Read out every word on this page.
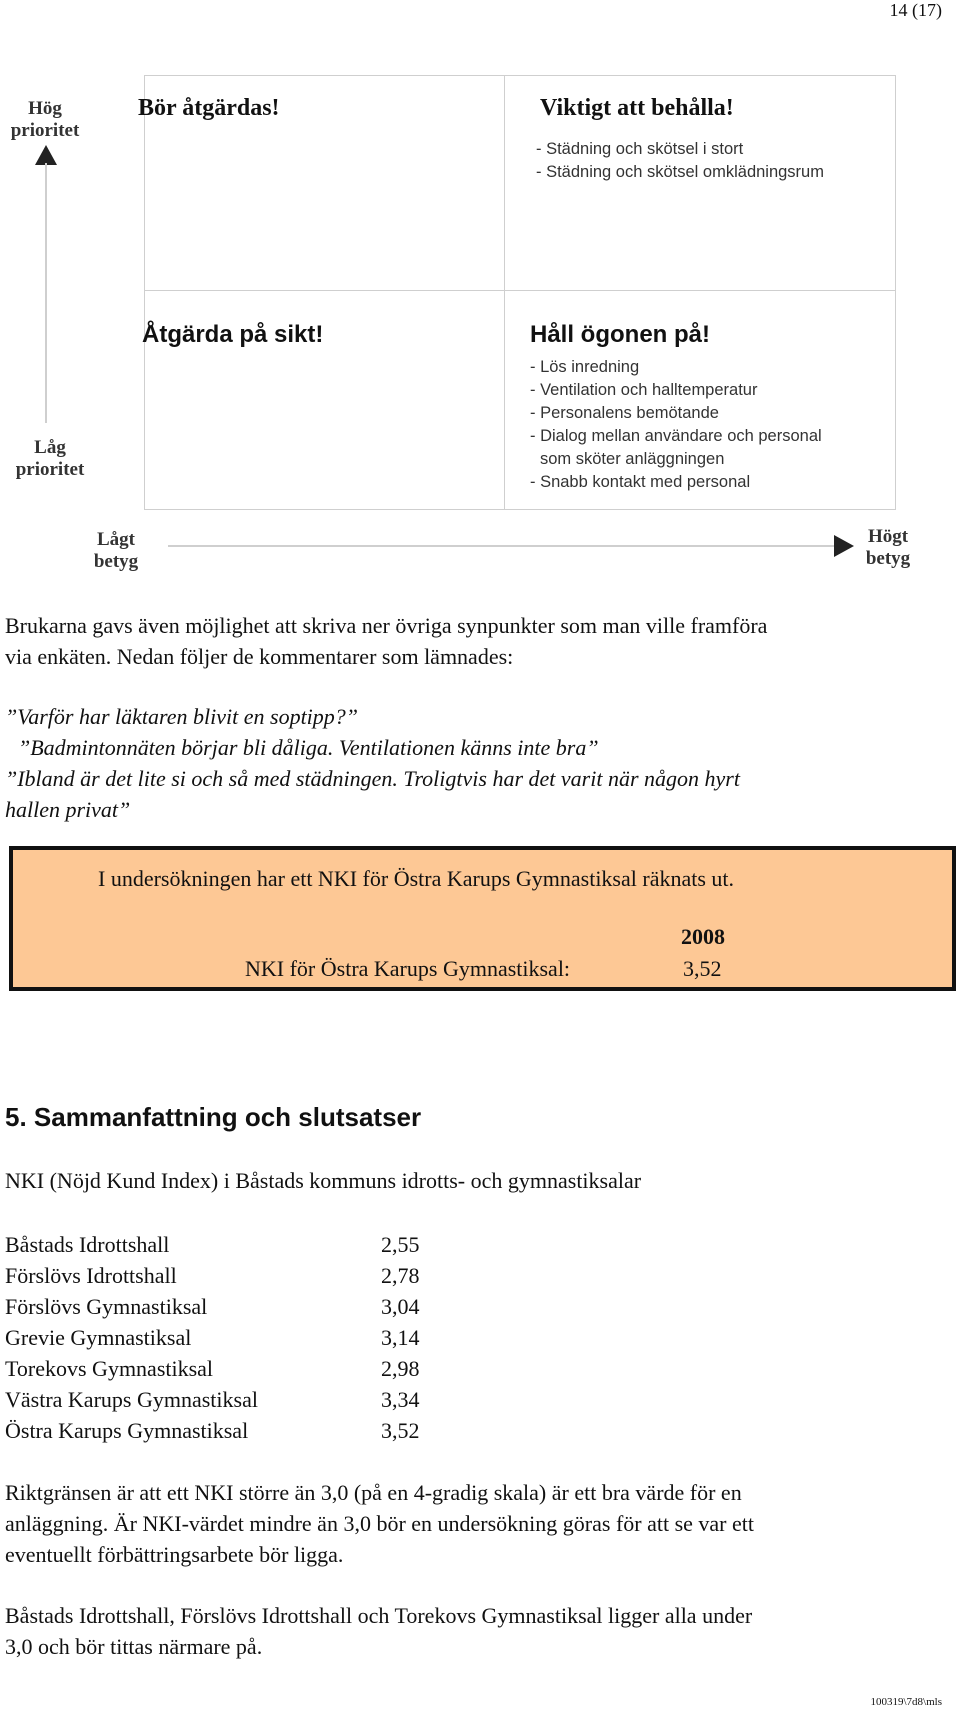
14 (17)
Hög
prioritet
Låg
prioritet
Bör åtgärdas!	Viktigt att behålla!
- Städning och skötsel i stort
- Städning och skötsel omklädningsrum
Åtgärda på sikt!	Håll ögonen på!
- Lös inredning
- Ventilation och halltemperatur
- Personalens bemötande
- Dialog mellan användare och personal
som sköter anläggningen
- Snabb kontakt med personal
Lågt
betyg
Högt
betyg
Brukarna gavs även möjlighet att skriva ner övriga synpunkter som man ville framföra
via enkäten. Nedan följer de kommentarer som lämnades:
”Varför har läktaren blivit en soptipp?”
”Badmintonnäten börjar bli dåliga. Ventilationen känns inte bra”
”Ibland är det lite si och så med städningen. Troligtvis har det varit när någon hyrt
hallen privat”
I undersökningen har ett NKI för Östra Karups Gymnastiksal räknats ut.
2008
NKI för Östra Karups Gymnastiksal:	3,52
5. Sammanfattning och slutsatser
NKI (Nöjd Kund Index) i Båstads kommuns idrotts- och gymnastiksalar
Båstads Idrottshall	2,55
Förslövs Idrottshall	2,78
Förslövs Gymnastiksal	3,04
Grevie Gymnastiksal	3,14
Torekovs Gymnastiksal	2,98
Västra Karups Gymnastiksal	3,34
Östra Karups Gymnastiksal	3,52
Riktgränsen är att ett NKI större än 3,0 (på en 4-gradig skala) är ett bra värde för en
anläggning. Är NKI-värdet mindre än 3,0 bör en undersökning göras för att se var ett
eventuellt förbättringsarbete bör ligga.
Båstads Idrottshall, Förslövs Idrottshall och Torekovs Gymnastiksal ligger alla under
3,0 och bör tittas närmare på.
100319\7d8\mls
